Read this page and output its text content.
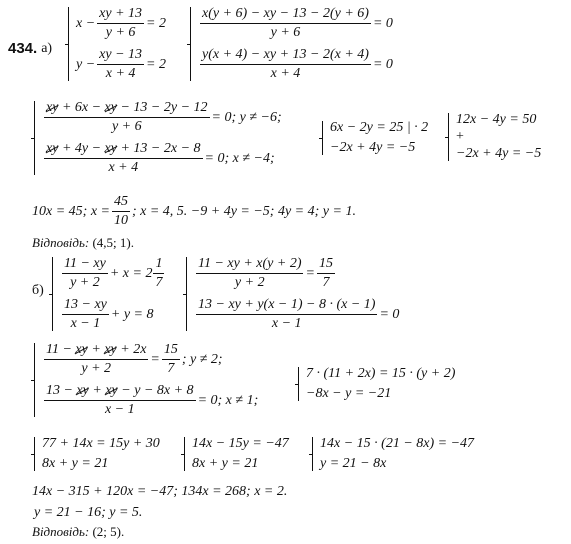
434. а)
$x - \frac{xy + 13}{y + 6} = 2$
$y - \frac{xy - 13}{x + 4} = 2$
$\frac{x(y + 6) - xy - 13 - 2(y + 6)}{y + 6} = 0$
$\frac{y(x + 4) - xy + 13 - 2(x + 4)}{x + 4} = 0$
$\frac{xy + 6x - xy - 13 - 2y - 12}{y + 6} = 0$; y ≠ −6;
$\frac{xy + 4y - xy + 13 - 2x - 8}{x + 4} = 0$; x ≠ −4;
6x − 2y = 25 | · 2
−2x + 4y = −5
12x − 4y = 50
+
−2x + 4y = −5
10x = 45; $x = \frac{45}{10}$ ; x = 4, 5. −9 + 4y = −5; 4y = 4; y = 1.
Відповідь: (4,5; 1).
$б) \frac{11 - xy}{y + 2} + x = 2 \frac{1}{7}$
$\frac{13 - xy}{x - 1} + y = 8$
$\frac{11 - xy + x(y + 2)}{y + 2} = \frac{15}{7}$
$\frac{13 - xy + y(x - 1) - 8 \cdot (x - 1)}{x - 1} = 0$
$\frac{11 - xy + xy + 2x}{y + 2} = \frac{15}{7}$ ; y ≠ 2;
$\frac{13 - xy + xy - y - 8x + 8}{x - 1} = 0$; x ≠ 1;
7 · (11 + 2x) = 15 · (y + 2)
−8x − y = −21
77 + 14x = 15y + 30
8x + y = 21
14x − 15y = −47
8x + y = 21
14x − 15 · (21 − 8x) = −47
y = 21 − 8x
14x − 315 + 120x = −47; 134x = 268; x = 2.
y = 21 − 16; y = 5.
Відповідь: (2; 5).
